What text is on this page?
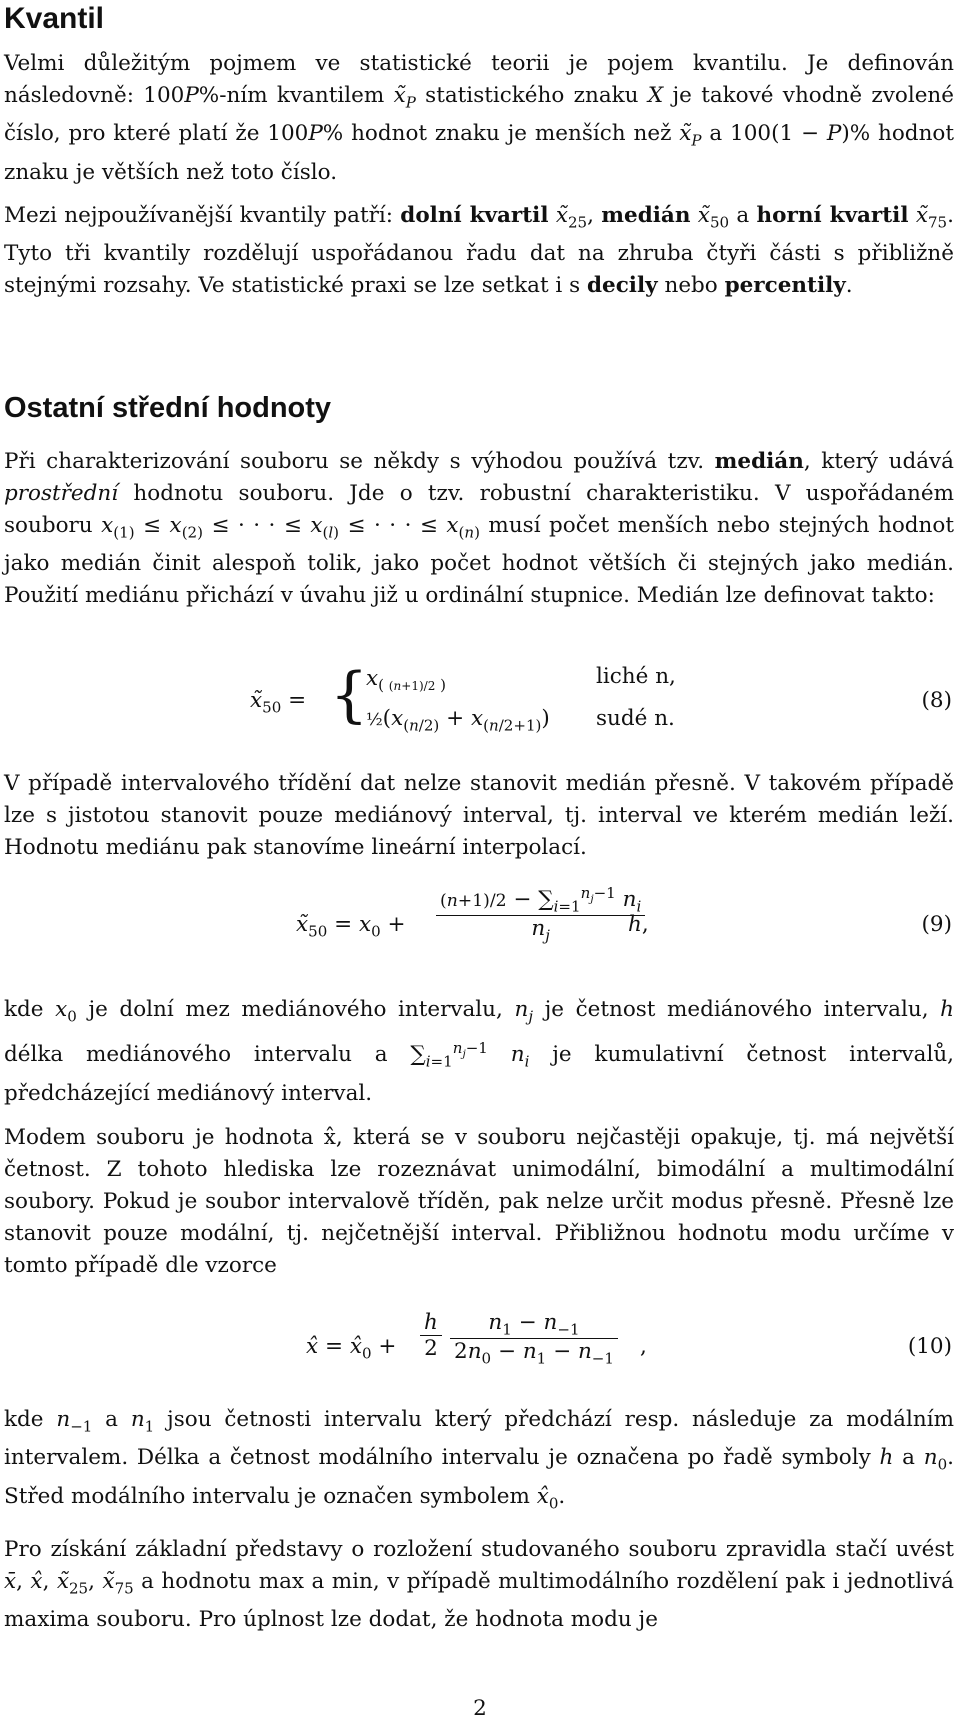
Kvantil
Velmi důležitým pojmem ve statistické teorii je pojem kvantilu. Je definován následovně: 100P%-ním kvantilem $x̃_P$ statistického znaku X je takové vhodně zvolené číslo, pro které platí že 100P% hodnot znaku je menších než $x̃_P$ a 100(1 − P)% hodnot znaku je větších než toto číslo.
Mezi nejpoužívanější kvantily patří: dolní kvartil $x̃_{25}$, medián $x̃_{50}$ a horní kvartil $x̃_{75}$. Tyto tři kvantily rozdělují uspořádanou řadu dat na zhruba čtyři části s přibližně stejnými rozsahy. Ve statistické praxi se lze setkat i s decily nebo percentily.
Ostatní střední hodnoty
Při charakterizování souboru se někdy s výhodou používá tzv. medián, který udává prostřední hodnotu souboru. Jde o tzv. robustní charakteristiku. V uspořádaném souboru $x_{(1)} \le x_{(2)}$ ≤ · · · ≤ $x_{(l)}$ ≤ · · · ≤ $x_{(n)}$ musí počet menších nebo stejných hodnot jako medián činit alespoň tolik, jako počet hodnot větších či stejných jako medián. Použití mediánu přichází v úvahu již u ordinální stupnice. Medián lze definovat takto:
$x̃_{50}$ = {
$x_{( (n+1)/2 )}$
$\frac{1}{2}(x_{(n/2)} + x_{(n/2+1)})$
liché n,
sudé n.
(8)
V případě intervalového třídění dat nelze stanovit medián přesně. V takovém případě lze s jistotou stanovit pouze mediánový interval, tj. interval ve kterém medián leží. Hodnotu mediánu pak stanovíme lineární interpolací.
$x̃_{50} = x_0 + \frac{(n+1)/2 - \sum_{i=1}^{n_j-1} n_i}{n_j}$
h,	(9)
kde $x_0$ je dolní mez mediánového intervalu, $n_j$ je četnost mediánového intervalu, h délka mediánového intervalu a $\sum_{i=1}^{n_j-1}$ $n_i$ je kumulativní četnost intervalů, předcházející mediánový interval.
Modem souboru je hodnota x̂, která se v souboru nejčastěji opakuje, tj. má největší četnost. Z tohoto hlediska lze rozeznávat unimodální, bimodální a multimodální soubory. Pokud je soubor intervalově tříděn, pak nelze určit modus přesně. Přesně lze stanovit pouze modální, tj. nejčetnější interval. Přibližnou hodnotu modu určíme v tomto případě dle vzorce
x̂ = $x̂_0 + \frac{h}{2} \frac{n_1 - n_{-1}}{2n_0 - n_1 - n_{-1}}$ ,	(10)
kde $n_{-1}$ a $n_1$ jsou četnosti intervalu který předchází resp. následuje za modálním intervalem. Délka a četnost modálního intervalu je označena po řadě symboly h a $n_0$. Střed modálního intervalu je označen symbolem $x̂_0$.
Pro získání základní představy o rozložení studovaného souboru zpravidla stačí uvést x̄, x̂, $x̃_{25}$, $x̃_{75}$ a hodnotu max a min, v případě multimodálního rozdělení pak i jednotlivá maxima souboru. Pro úplnost lze dodat, že hodnota modu je
2
